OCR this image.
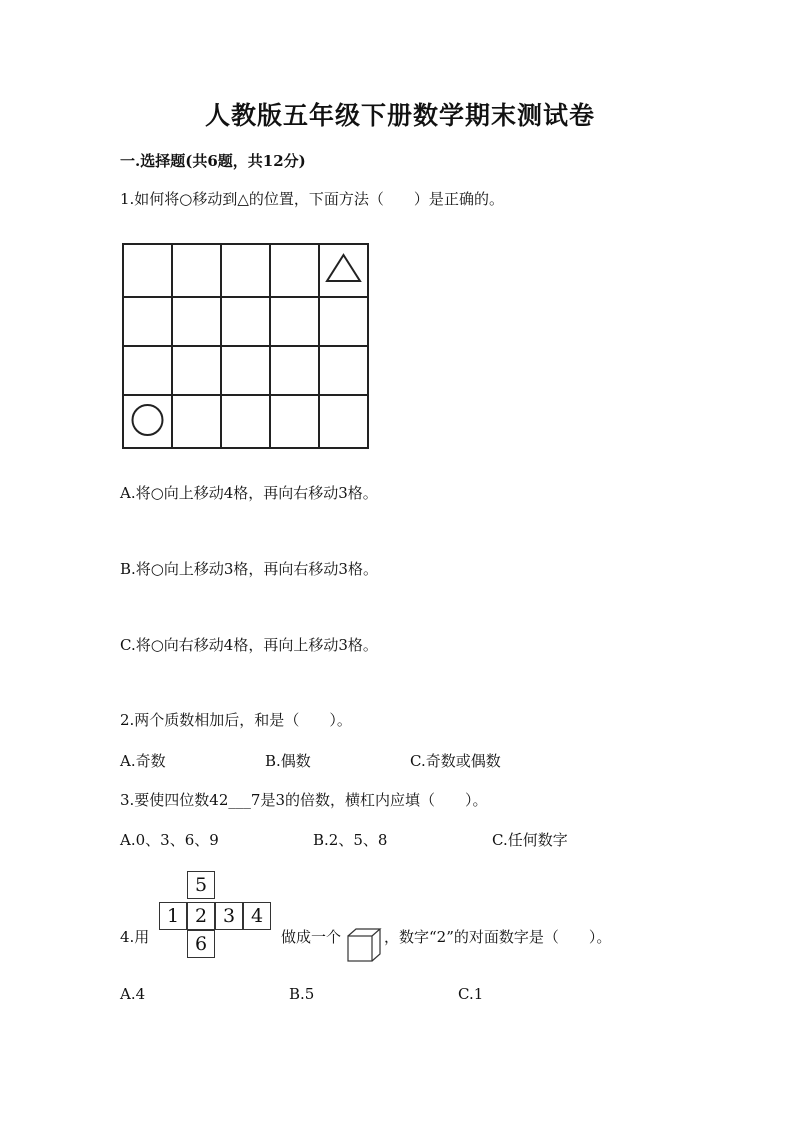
人教版五年级下册数学期末测试卷
一.选择题(共6题，共12分)
1.如何将○移动到△的位置，下面方法（　　）是正确的。

A.将○向上移动4格，再向右移动3格。
B.将○向上移动3格，再向右移动3格。
C.将○向右移动4格，再向上移动3格。
2.两个质数相加后，和是（　　）。
A.奇数	B.偶数	C.奇数或偶数
3.要使四位数42___7是3的倍数，横杠内应填（　　）。
A.0、3、6、9	B.2、5、8	C.任何数字
4.用
5
1 2 3 4
6	做成一个	，数字“2”的对面数字是（　　）。
A.4	B.5	C.1
